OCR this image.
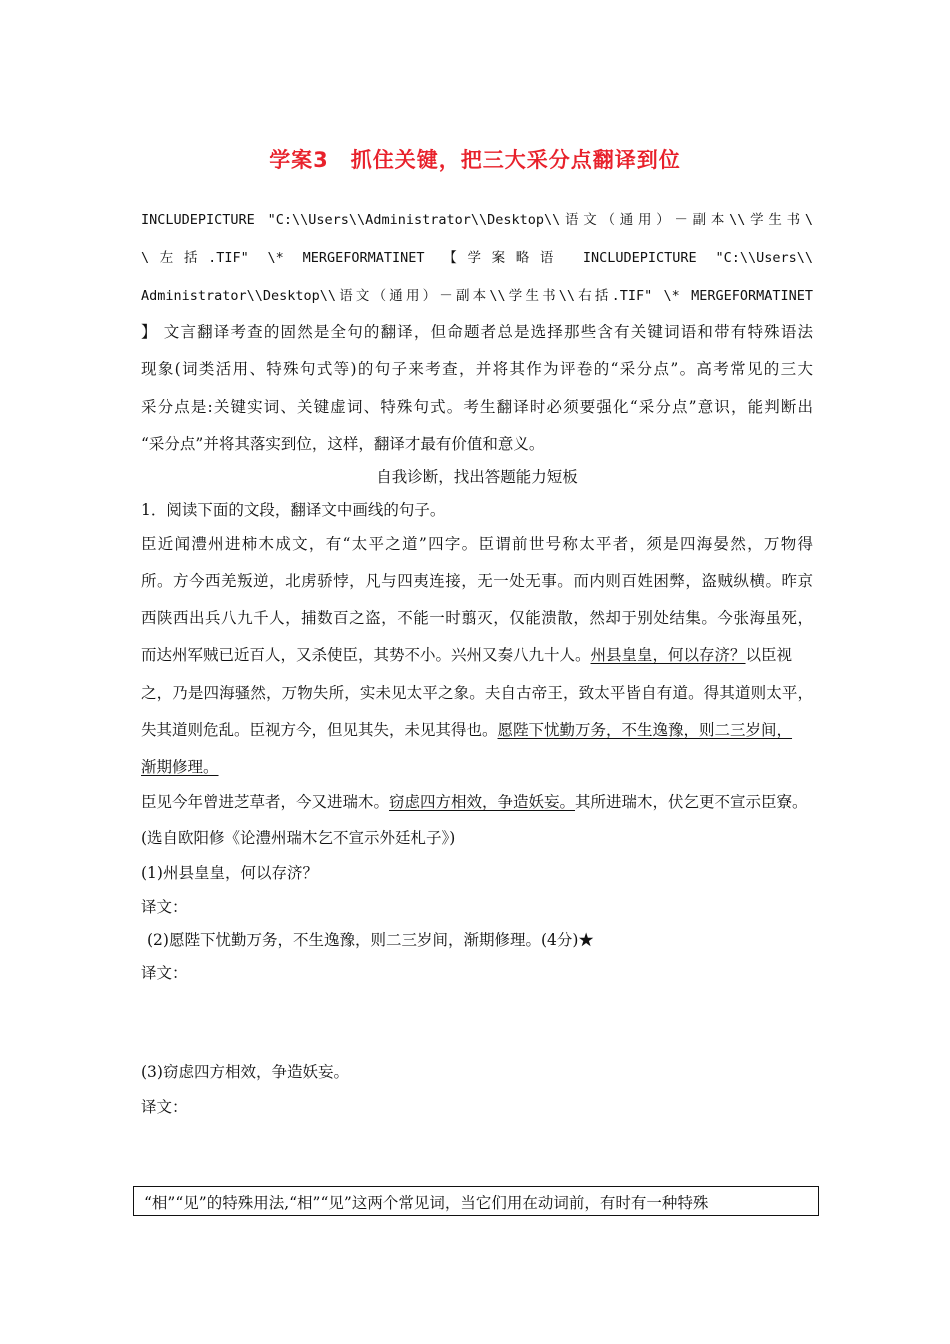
学案3　抓住关键，把三大采分点翻译到位
INCLUDEPICTURE "C:\\Users\\Administrator\\Desktop\\语文（通用）－副本\\学生书\
\左括.TIF" \* MERGEFORMATINET 【学案略语 INCLUDEPICTURE "C:\\Users\\
Administrator\\Desktop\\语文（通用）－副本\\学生书\\右括.TIF" \* MERGEFORMATINET
】 文言翻译考查的固然是全句的翻译，但命题者总是选择那些含有关键词语和带有特殊语法
现象(词类活用、特殊句式等)的句子来考查，并将其作为评卷的“采分点”。高考常见的三大
采分点是:关键实词、关键虚词、特殊句式。考生翻译时必须要强化“采分点”意识，能判断出
“采分点”并将其落实到位，这样，翻译才最有价值和意义。
自我诊断，找出答题能力短板
1．阅读下面的文段，翻译文中画线的句子。
臣近闻澧州进柿木成文，有“太平之道”四字。臣谓前世号称太平者，须是四海晏然，万物得
所。方今西羌叛逆，北虏骄悖，凡与四夷连接，无一处无事。而内则百姓困弊，盗贼纵横。昨京
西陕西出兵八九千人，捕数百之盗，不能一时翦灭，仅能溃散，然却于别处结集。今张海虽死，
而达州军贼已近百人，又杀使臣，其势不小。兴州又奏八九十人。州县皇皇，何以存济？以臣视
之，乃是四海骚然，万物失所，实未见太平之象。夫自古帝王，致太平皆自有道。得其道则太平，
失其道则危乱。臣视方今，但见其失，未见其得也。愿陛下忧勤万务，不生逸豫，则二三岁间，
渐期修理。
臣见今年曾进芝草者，今又进瑞木。窃虑四方相效，争造妖妄。其所进瑞木，伏乞更不宣示臣寮。
(选自欧阳修《论澧州瑞木乞不宣示外廷札子》)
(1)州县皇皇，何以存济？
译文：
(2)愿陛下忧勤万务，不生逸豫，则二三岁间，渐期修理。(4分)★
译文：
(3)窃虑四方相效，争造妖妄。
译文：
“相”“见”的特殊用法,“相”“见”这两个常见词，当它们用在动词前，有时有一种特殊
